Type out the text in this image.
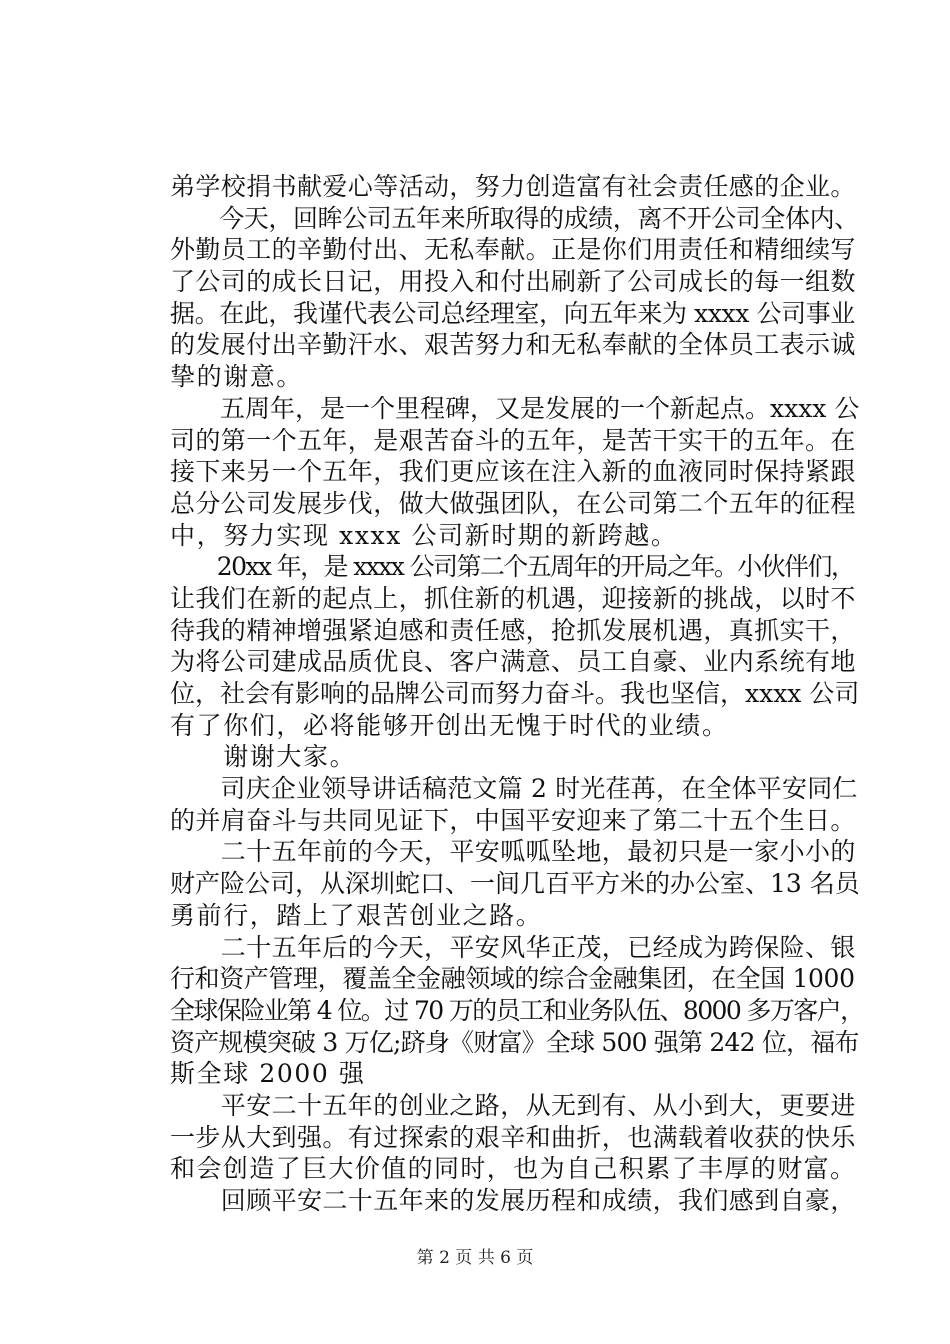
弟学校捐书献爱心等活动，努力创造富有社会责任感的企业。
　　今天，回眸公司五年来所取得的成绩，离不开公司全体内、
外勤员工的辛勤付出、无私奉献。正是你们用责任和精细续写
了公司的成长日记，用投入和付出刷新了公司成长的每一组数
据。在此，我谨代表公司总经理室，向五年来为 xxxx 公司事业
的发展付出辛勤汗水、艰苦努力和无私奉献的全体员工表示诚
挚的谢意。
　　五周年，是一个里程碑，又是发展的一个新起点。xxxx 公
司的第一个五年，是艰苦奋斗的五年，是苦干实干的五年。在
接下来另一个五年，我们更应该在注入新的血液同时保持紧跟
总分公司发展步伐，做大做强团队，在公司第二个五年的征程
中，努力实现 xxxx 公司新时期的新跨越。
　　20xx 年，是 xxxx 公司第二个五周年的开局之年。小伙伴们，
让我们在新的起点上，抓住新的机遇，迎接新的挑战，以时不
待我的精神增强紧迫感和责任感，抢抓发展机遇，真抓实干，
为将公司建成品质优良、客户满意、员工自豪、业内系统有地
位，社会有影响的品牌公司而努力奋斗。我也坚信，xxxx 公司
有了你们，必将能够开创出无愧于时代的业绩。
　　谢谢大家。
　　司庆企业领导讲话稿范文篇 2 时光荏苒，在全体平安同仁
的并肩奋斗与共同见证下，中国平安迎来了第二十五个生日。
　　二十五年前的今天，平安呱呱坠地，最初只是一家小小的
财产险公司，从深圳蛇口、一间几百平方米的办公室、13 名员
勇前行，踏上了艰苦创业之路。
　　二十五年后的今天，平安风华正茂，已经成为跨保险、银
行和资产管理，覆盖全金融领域的综合金融集团，在全国 1000
全球保险业第 4 位。过 70 万的员工和业务队伍、8000 多万客户，
资产规模突破 3 万亿;跻身《财富》全球 500 强第 242 位，福布
斯全球 2000 强
　　平安二十五年的创业之路，从无到有、从小到大，更要进
一步从大到强。有过探索的艰辛和曲折，也满载着收获的快乐
和会创造了巨大价值的同时，也为自己积累了丰厚的财富。
　　回顾平安二十五年来的发展历程和成绩，我们感到自豪，
第 2 页 共 6 页
